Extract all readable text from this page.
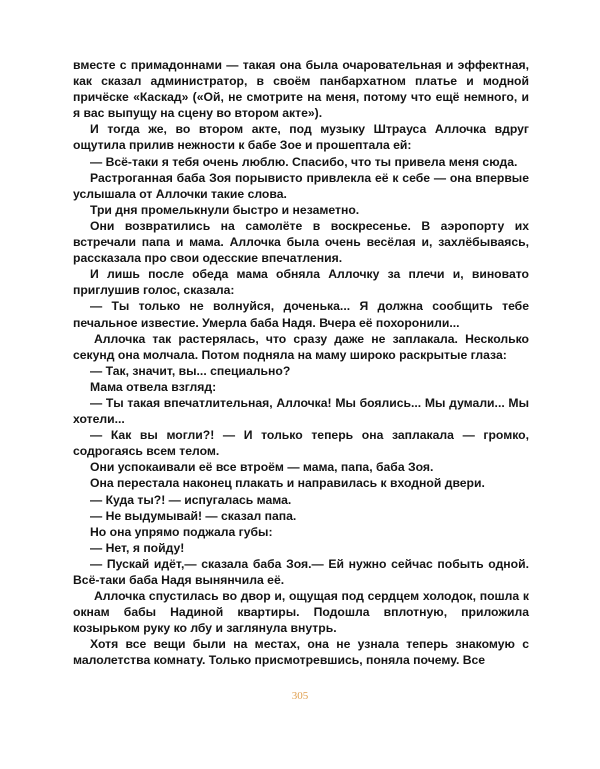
вместе с примадоннами — такая она была очаровательная и эффектная, как сказал администратор, в своём панбархатном платье и модной причёске «Каскад» («Ой, не смотрите на меня, потому что ещё немного, и я вас выпущу на сцену во втором акте»).

И тогда же, во втором акте, под музыку Штрауса Аллочка вдруг ощутила прилив нежности к бабе Зое и прошептала ей:

— Всё-таки я тебя очень люблю. Спасибо, что ты привела меня сюда.

Растроганная баба Зоя порывисто привлекла её к себе — она впервые услышала от Аллочки такие слова.

Три дня промелькнули быстро и незаметно.

Они возвратились на самолёте в воскресенье. В аэропорту их встречали папа и мама. Аллочка была очень весёлая и, захлёбываясь, рассказала про свои одесские впечатления.

И лишь после обеда мама обняла Аллочку за плечи и, виновато приглушив голос, сказала:

— Ты только не волнуйся, доченька... Я должна сообщить тебе печальное известие. Умерла баба Надя. Вчера её похоронили...

Аллочка так растерялась, что сразу даже не заплакала. Несколько секунд она молчала. Потом подняла на маму широко раскрытые глаза:

— Так, значит, вы... специально?

Мама отвела взгляд:

— Ты такая впечатлительная, Аллочка! Мы боялись... Мы думали... Мы хотели...

— Как вы могли?! — И только теперь она заплакала — громко, содрогаясь всем телом.

Они успокаивали её все втроём — мама, папа, баба Зоя.

Она перестала наконец плакать и направилась к входной двери.

— Куда ты?! — испугалась мама.

— Не выдумывай! — сказал папа.

Но она упрямо поджала губы:

— Нет, я пойду!

— Пускай идёт,— сказала баба Зоя.— Ей нужно сейчас побыть одной. Всё-таки баба Надя вынянчила её.

Аллочка спустилась во двор и, ощущая под сердцем холодок, пошла к окнам бабы Надиной квартиры. Подошла вплотную, приложила козырьком руку ко лбу и заглянула внутрь.

Хотя все вещи были на местах, она не узнала теперь знакомую с малолетства комнату. Только присмотревшись, поняла почему. Все

305
